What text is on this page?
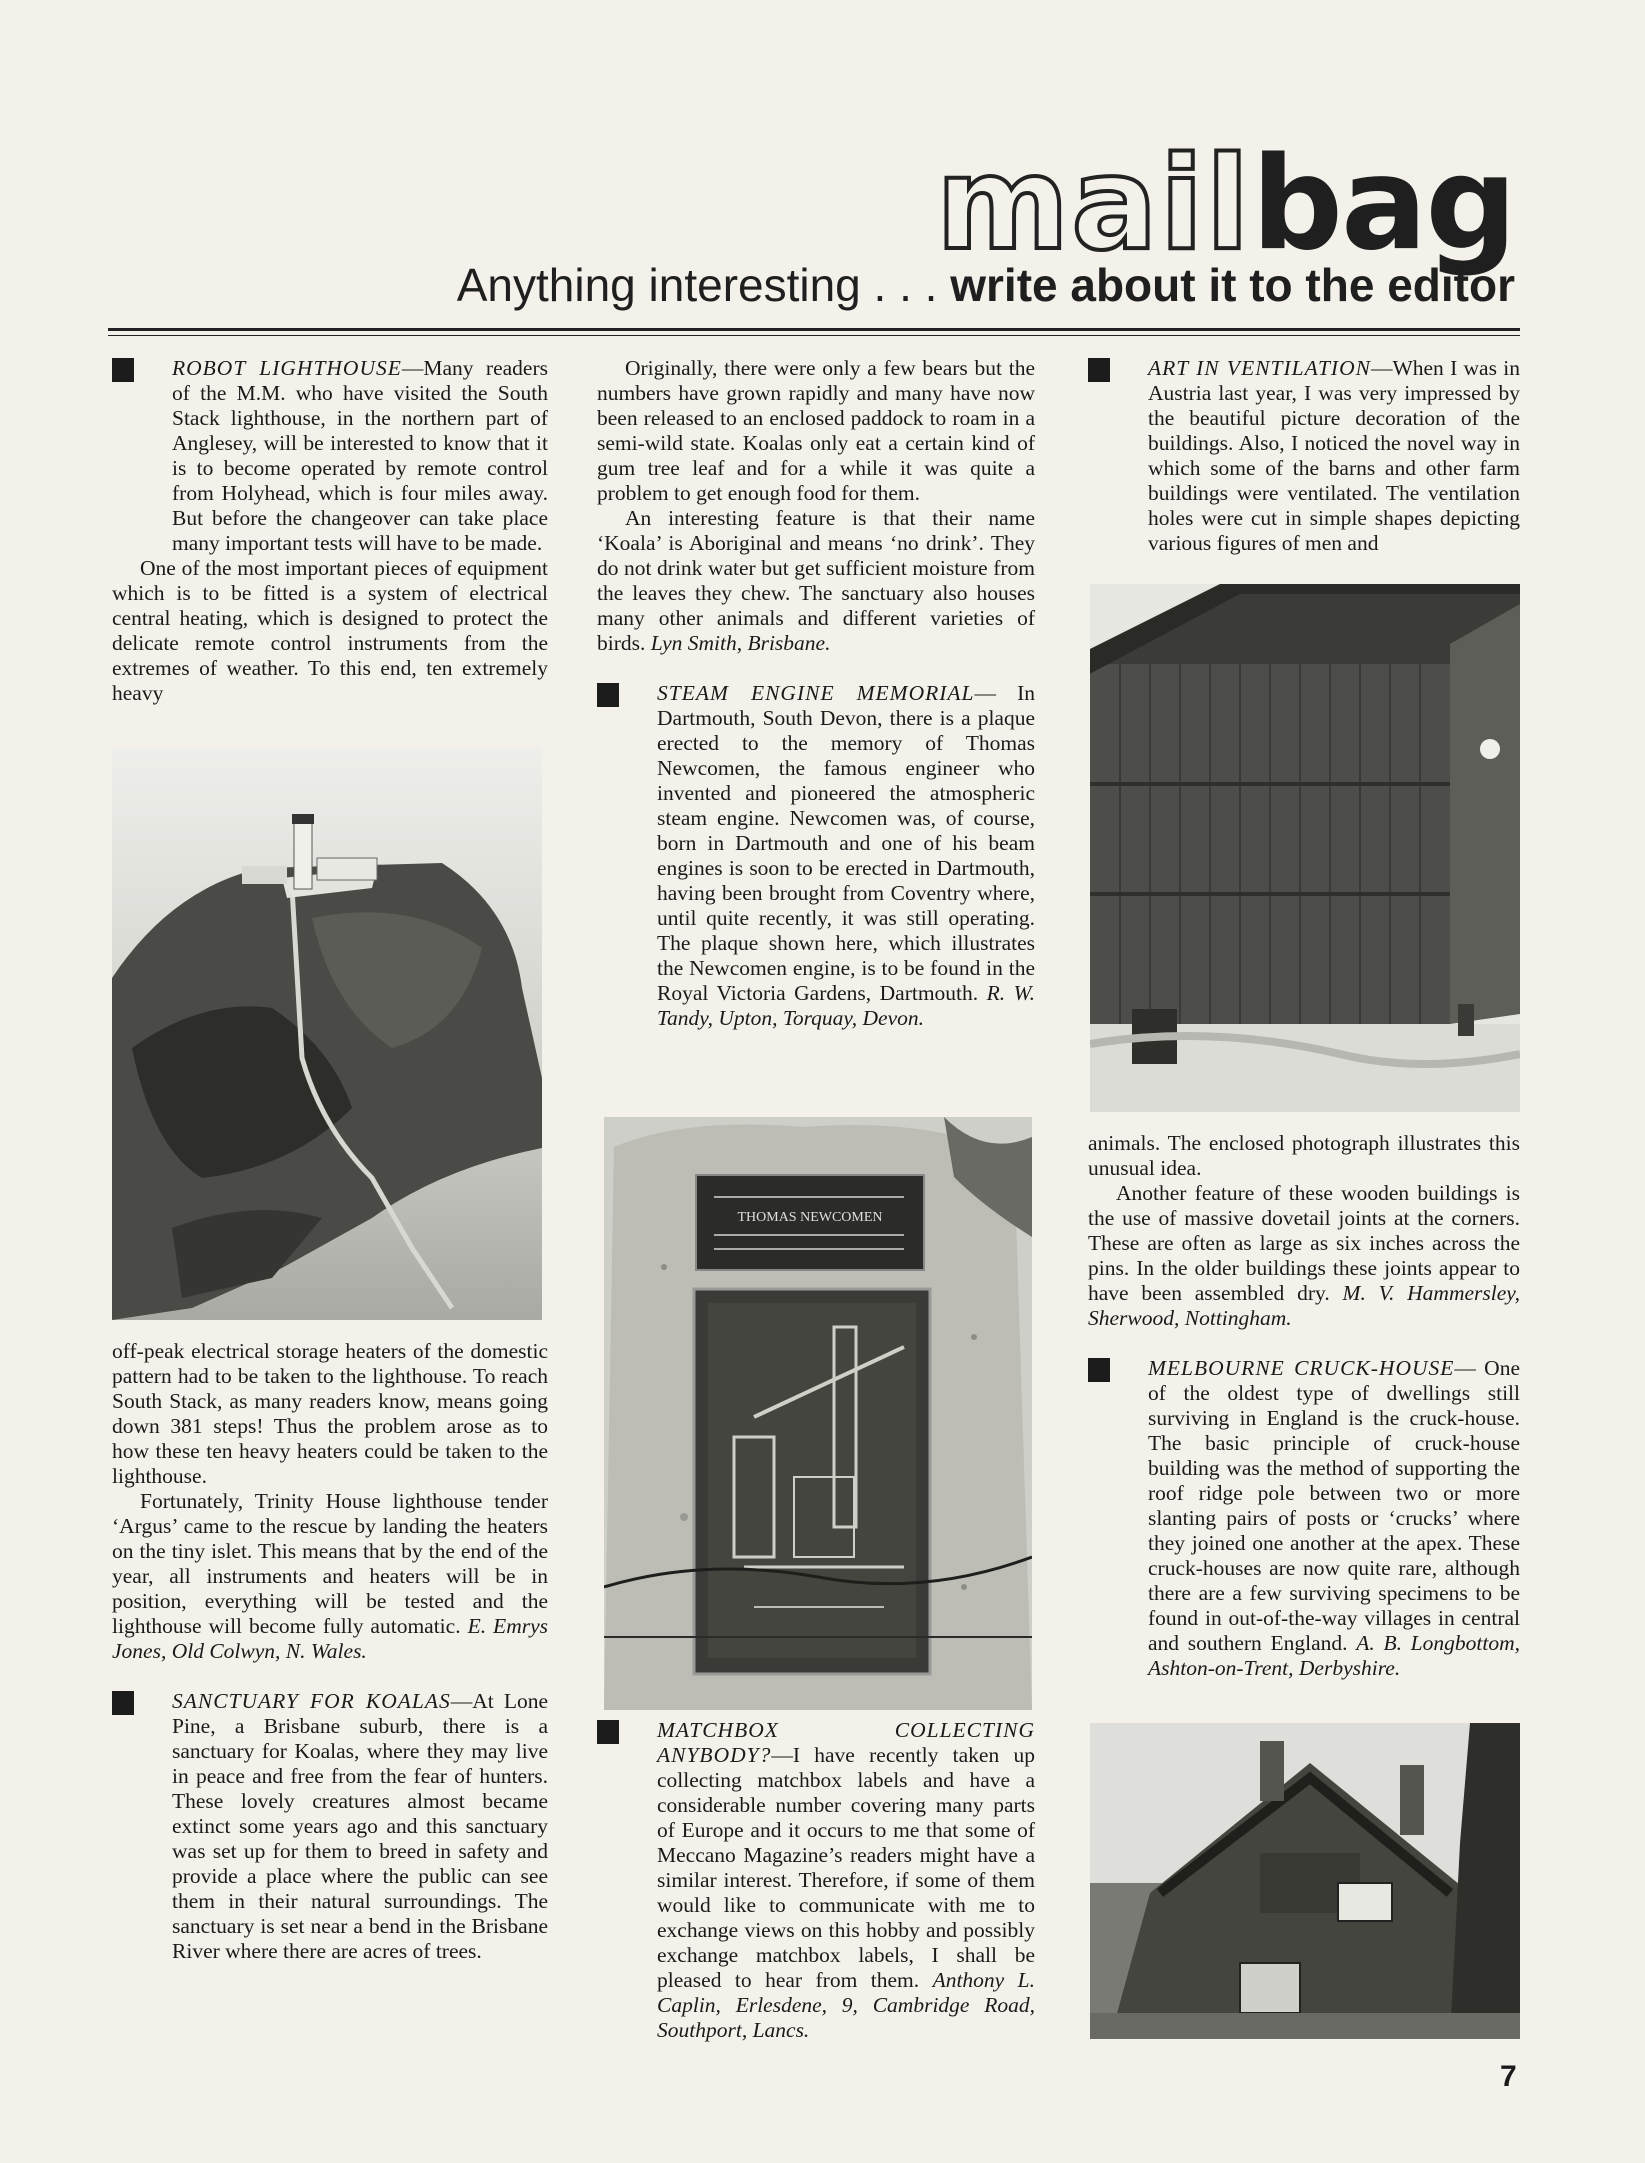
mailbag
Anything interesting . . . write about it to the editor

ROBOT LIGHTHOUSE—Many readers of the M.M. who have visited the South Stack lighthouse, in the northern part of Anglesey, will be interested to know that it is to become operated by remote control from Holyhead, which is four miles away. But before the changeover can take place many important tests will have to be made.

One of the most important pieces of equipment which is to be fitted is a system of electrical central heating, which is designed to protect the delicate remote control instruments from the extremes of weather. To this end, ten extremely heavy

off-peak electrical storage heaters of the domestic pattern had to be taken to the lighthouse. To reach South Stack, as many readers know, means going down 381 steps! Thus the problem arose as to how these ten heavy heaters could be taken to the lighthouse.

Fortunately, Trinity House lighthouse tender ‘Argus’ came to the rescue by landing the heaters on the tiny islet. This means that by the end of the year, all instruments and heaters will be in position, everything will be tested and the lighthouse will become fully automatic. E. Emrys Jones, Old Colwyn, N. Wales.

SANCTUARY FOR KOALAS—At Lone Pine, a Brisbane suburb, there is a sanctuary for Koalas, where they may live in peace and free from the fear of hunters. These lovely creatures almost became extinct some years ago and this sanctuary was set up for them to breed in safety and provide a place where the public can see them in their natural surroundings. The sanctuary is set near a bend in the Brisbane River where there are acres of trees.

Originally, there were only a few bears but the numbers have grown rapidly and many have now been released to an enclosed paddock to roam in a semi-wild state. Koalas only eat a certain kind of gum tree leaf and for a while it was quite a problem to get enough food for them.

An interesting feature is that their name ‘Koala’ is Aboriginal and means ‘no drink’. They do not drink water but get sufficient moisture from the leaves they chew. The sanctuary also houses many other animals and different varieties of birds. Lyn Smith, Brisbane.

STEAM ENGINE MEMORIAL— In Dartmouth, South Devon, there is a plaque erected to the memory of Thomas Newcomen, the famous engineer who invented and pioneered the atmospheric steam engine. Newcomen was, of course, born in Dartmouth and one of his beam engines is soon to be erected in Dartmouth, having been brought from Coventry where, until quite recently, it was still operating. The plaque shown here, which illustrates the Newcomen engine, is to be found in the Royal Victoria Gardens, Dartmouth. R. W. Tandy, Upton, Torquay, Devon.

THOMAS NEWCOMEN

MATCHBOX COLLECTING ANYBODY?—I have recently taken up collecting matchbox labels and have a considerable number covering many parts of Europe and it occurs to me that some of Meccano Magazine’s readers might have a similar interest. Therefore, if some of them would like to communicate with me to exchange views on this hobby and possibly exchange matchbox labels, I shall be pleased to hear from them. Anthony L. Caplin, Erlesdene, 9, Cambridge Road, Southport, Lancs.

ART IN VENTILATION—When I was in Austria last year, I was very impressed by the beautiful picture decoration of the buildings. Also, I noticed the novel way in which some of the barns and other farm buildings were ventilated. The ventilation holes were cut in simple shapes depicting various figures of men and

animals. The enclosed photograph illustrates this unusual idea.

Another feature of these wooden buildings is the use of massive dovetail joints at the corners. These are often as large as six inches across the pins. In the older buildings these joints appear to have been assembled dry. M. V. Hammersley, Sherwood, Nottingham.

MELBOURNE CRUCK-HOUSE— One of the oldest type of dwellings still surviving in England is the cruck-house. The basic principle of cruck-house building was the method of supporting the roof ridge pole between two or more slanting pairs of posts or ‘crucks’ where they joined one another at the apex. These cruck-houses are now quite rare, although there are a few surviving specimens to be found in out-of-the-way villages in central and southern England. A. B. Longbottom, Ashton-on-Trent, Derbyshire.

7
